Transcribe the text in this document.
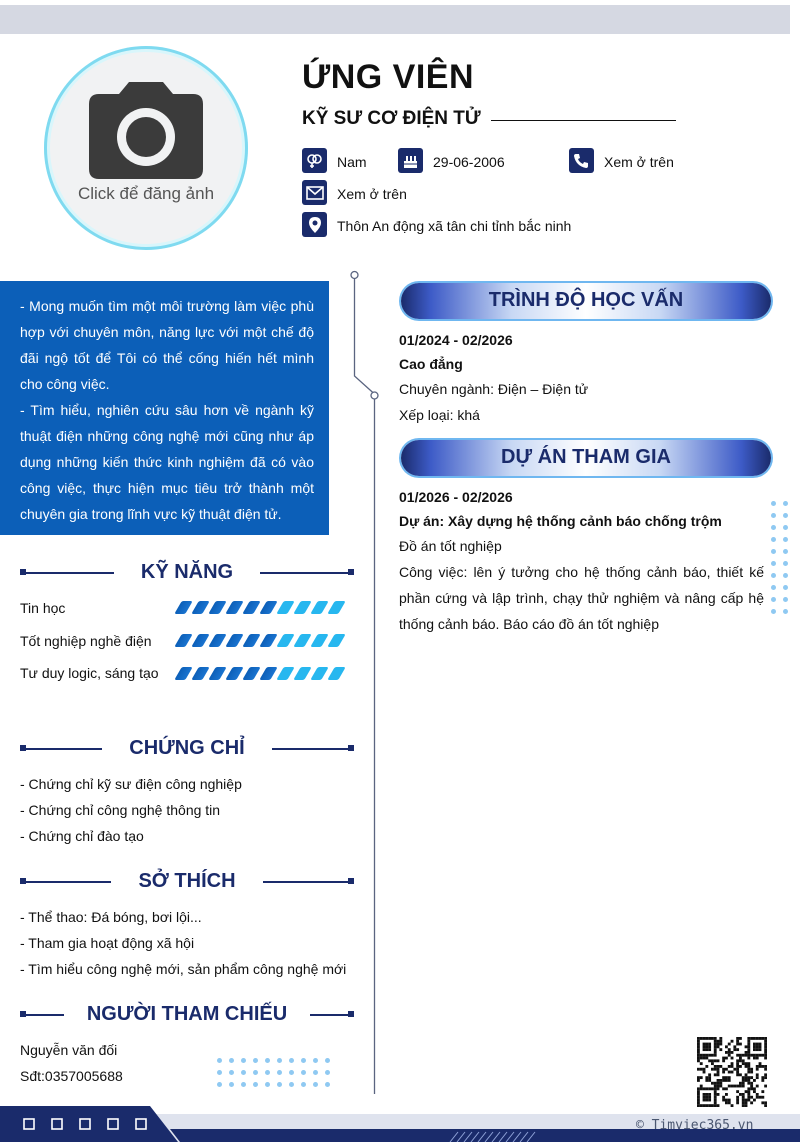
Click để đăng ảnh
ỨNG VIÊN
KỸ SƯ CƠ ĐIỆN TỬ
Nam	29-06-2006	Xem ở trên
Xem ở trên
Thôn An động xã tân chi tỉnh bắc ninh

- Mong muốn tìm một môi trường làm việc phù hợp với chuyên môn, năng lực với một chế độ đãi ngộ tốt để Tôi có thể cống hiến hết mình cho công việc.

- Tìm hiểu, nghiên cứu sâu hơn về ngành kỹ thuật điện những công nghệ mới cũng như áp dụng những kiến thức kinh nghiệm đã có vào công việc, thực hiện mục tiêu trở thành một chuyên gia trong lĩnh vực kỹ thuật điện tử.

KỸ NĂNG
Tin học
Tốt nghiệp nghề điện
Tư duy logic, sáng tạo
CHỨNG CHỈ
- Chứng chỉ kỹ sư điện công nghiệp
- Chứng chỉ công nghệ thông tin
- Chứng chỉ đào tạo
SỞ THÍCH
- Thể thao: Đá bóng, bơi lội...
- Tham gia hoạt động xã hội
- Tìm hiểu công nghệ mới, sản phẩm công nghệ mới
NGƯỜI THAM CHIẾU
Nguyễn văn đối
Sđt:0357005688
TRÌNH ĐỘ HỌC VẤN
01/2024 - 02/2026
Cao đẳng
Chuyên ngành: Điện – Điện tử
Xếp loại: khá
DỰ ÁN THAM GIA
01/2026 - 02/2026
Dự án: Xây dựng hệ thống cảnh báo chống trộm
Đồ án tốt nghiệp
Công việc: lên ý tưởng cho hệ thống cảnh báo, thiết kế phần cứng và lập trình, chạy thử nghiệm và nâng cấp hệ thống cảnh báo. Báo cáo đồ án tốt nghiệp
© Timviec365.vn
